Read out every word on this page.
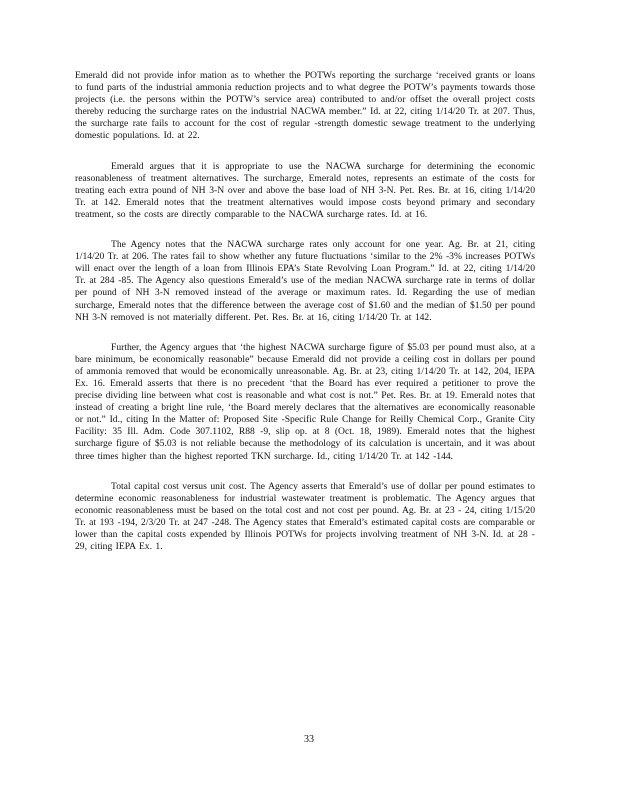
Emerald did not provide infor mation as to whether the POTWs reporting the surcharge ‘received grants or loans to fund parts of the industrial ammonia reduction projects and to what degree the POTW’s payments towards those projects (i.e. the persons within the POTW’s service area) contributed to and/or offset the overall project costs thereby reducing the surcharge rates on the industrial NACWA member.” Id. at 22, citing 1/14/20 Tr. at 207. Thus, the surcharge rate fails to account for the cost of regular -strength domestic sewage treatment to the underlying domestic populations. Id. at 22.

Emerald argues that it is appropriate to use the NACWA surcharge for determining the economic reasonableness of treatment alternatives. The surcharge, Emerald notes, represents an estimate of the costs for treating each extra pound of NH 3-N over and above the base load of NH 3-N. Pet. Res. Br. at 16, citing 1/14/20 Tr. at 142. Emerald notes that the treatment alternatives would impose costs beyond primary and secondary treatment, so the costs are directly comparable to the NACWA surcharge rates. Id. at 16.

The Agency notes that the NACWA surcharge rates only account for one year. Ag. Br. at 21, citing 1/14/20 Tr. at 206. The rates fail to show whether any future fluctuations ‘similar to the 2% -3% increases POTWs will enact over the length of a loan from Illinois EPA’s State Revolving Loan Program.” Id. at 22, citing 1/14/20 Tr. at 284 -85. The Agency also questions Emerald’s use of the median NACWA surcharge rate in terms of dollar per pound of NH 3-N removed instead of the average or maximum rates. Id. Regarding the use of median surcharge, Emerald notes that the difference between the average cost of $1.60 and the median of $1.50 per pound NH 3-N removed is not materially different. Pet. Res. Br. at 16, citing 1/14/20 Tr. at 142.

Further, the Agency argues that ‘the highest NACWA surcharge figure of $5.03 per pound must also, at a bare minimum, be economically reasonable” because Emerald did not provide a ceiling cost in dollars per pound of ammonia removed that would be economically unreasonable. Ag. Br. at 23, citing 1/14/20 Tr. at 142, 204, IEPA Ex. 16. Emerald asserts that there is no precedent ‘that the Board has ever required a petitioner to prove the precise dividing line between what cost is reasonable and what cost is not.” Pet. Res. Br. at 19. Emerald notes that instead of creating a bright line rule, ‘the Board merely declares that the alternatives are economically reasonable or not.” Id., citing In the Matter of: Proposed Site -Specific Rule Change for Reilly Chemical Corp., Granite City Facility: 35 Ill. Adm. Code 307.1102, R88 -9, slip op. at 8 (Oct. 18, 1989). Emerald notes that the highest surcharge figure of $5.03 is not reliable because the methodology of its calculation is uncertain, and it was about three times higher than the highest reported TKN surcharge. Id., citing 1/14/20 Tr. at 142 -144.

Total capital cost versus unit cost. The Agency asserts that Emerald’s use of dollar per pound estimates to determine economic reasonableness for industrial wastewater treatment is problematic. The Agency argues that economic reasonableness must be based on the total cost and not cost per pound. Ag. Br. at 23 - 24, citing 1/15/20 Tr. at 193 -194, 2/3/20 Tr. at 247 -248. The Agency states that Emerald’s estimated capital costs are comparable or lower than the capital costs expended by Illinois POTWs for projects involving treatment of NH 3-N. Id. at 28 - 29, citing IEPA Ex. 1.

33
